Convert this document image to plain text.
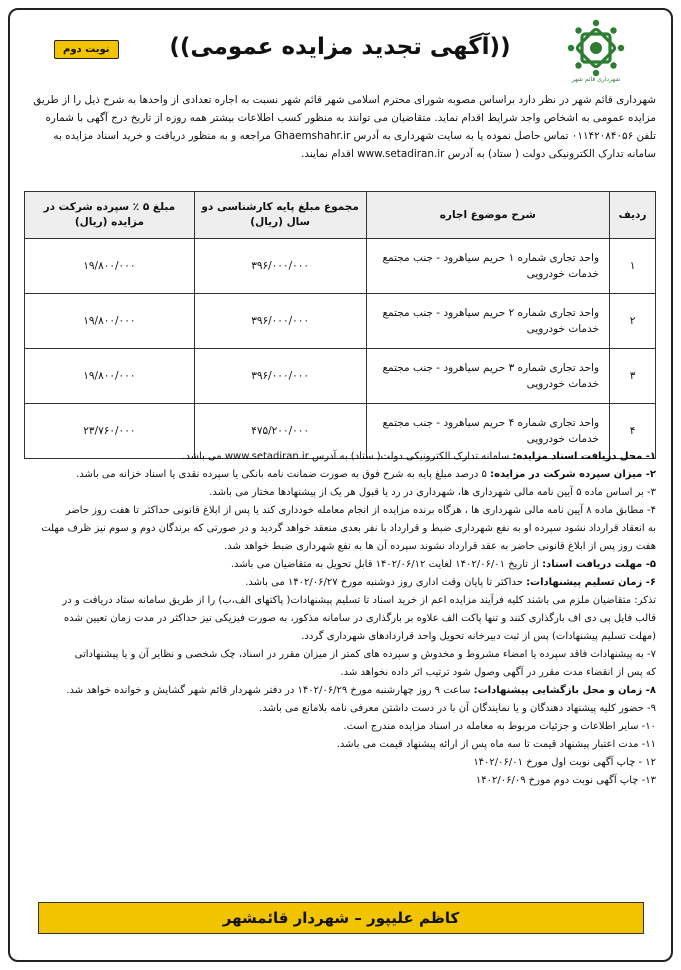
شهرداری قائم شهر
نوبت دوم	((آگهی تجدید مزایده عمومی))
شهرداری قائم شهر در نظر دارد براساس مصوبه شورای محترم اسلامی شهر قائم شهر نسبت به اجاره تعدادی از واحدها به شرح ذیل را از طریق
مزایده عمومی به اشخاص واجد شرایط اقدام نماید. متقاضیان می توانند به منظور کسب اطلاعات بیشتر همه روزه از تاریخ درج آگهی با شماره
تلفن ۰۱۱۴۲۰۸۴۰۵۶ تماس حاصل نموده یا به سایت شهرداری به آدرس Ghaemshahr.ir مراجعه و به منظور دریافت و خرید اسناد مزایده به
سامانه تدارک الکترونیکی دولت ( ستاد) به آدرس www.setadiran.ir اقدام نمایند.
ردیف	شرح موضوع اجاره	مجموع مبلغ پایه کارشناسی دو سال (ریال)	مبلغ ۵ ٪ سپرده شرکت در مزایده (ریال)
۱	واحد تجاری شماره ۱ حریم سیاهرود - جنب مجتمع خدمات خودرویی	۳۹۶/۰۰۰/۰۰۰	۱۹/۸۰۰/۰۰۰
۲	واحد تجاری شماره ۲ حریم سیاهرود - جنب مجتمع خدمات خودرویی	۳۹۶/۰۰۰/۰۰۰	۱۹/۸۰۰/۰۰۰
۳	واحد تجاری شماره ۳ حریم سیاهرود - جنب مجتمع خدمات خودرویی	۳۹۶/۰۰۰/۰۰۰	۱۹/۸۰۰/۰۰۰
۴	واحد تجاری شماره ۴ حریم سیاهرود - جنب مجتمع خدمات خودرویی	۴۷۵/۲۰۰/۰۰۰	۲۳/۷۶۰/۰۰۰
۱- محل دریافت اسناد مزایده: سامانه تدارک الکترونیکی دولت( ستاد) به آدرس www.setadiran.ir می باشد.
۲- میزان سپرده شرکت در مزایده: ۵ درصد مبلغ پایه به شرح فوق به صورت ضمانت نامه بانکی یا سپرده نقدی یا اسناد خزانه می باشد.
۳- بر اساس ماده ۵ آیین نامه مالی شهرداری ها، شهرداری در رد یا قبول هر یک از پیشنهادها مختار می باشد.
۴- مطابق ماده ۸ آیین نامه مالی شهرداری ها ، هرگاه برنده مزایده از انجام معامله خودداری کند یا پس از ابلاغ قانونی حداکثر تا هفت روز حاضر
به انعقاد قرارداد نشود سپرده او به نفع شهرداری ضبط و قرارداد با نفر بعدی منعقد خواهد گردید و در صورتی که برندگان دوم و سوم نیز ظرف مهلت
هفت روز پس از ابلاغ قانونی حاضر به عقد قرارداد نشوند سپرده آن ها به نفع شهرداری ضبط خواهد شد.
۵- مهلت دریافت اسناد: از تاریخ ۱۴۰۲/۰۶/۰۱ لغایت ۱۴۰۲/۰۶/۱۲ قابل تحویل به متقاضیان می باشد.
۶- زمان تسلیم پیشنهادات: حداکثر تا پایان وقت اداری روز دوشنبه مورخ ۱۴۰۲/۰۶/۲۷ می باشد.
تذکر: متقاضیان ملزم می باشند کلیه فرآیند مزایده اعم از خرید اسناد تا تسلیم پیشنهادات( پاکتهای الف،ب) را از طریق سامانه ستاد دریافت و در
قالب فایل پی دی اف بارگذاری کنند و تنها پاکت الف علاوه بر بارگذاری در سامانه مذکور، به صورت فیزیکی نیز حداکثر در مدت زمان تعیین شده
(مهلت تسلیم پیشنهادات) پس از ثبت دبیرخانه تحویل واحد قراردادهای شهرداری گردد.
۷- به پیشنهادات فاقد سپرده یا امضاء مشروط و مخدوش و سپرده های کمتر از میزان مقرر در اسناد، چک شخصی و نظایر آن و یا پیشنهاداتی
که پس از انقضاء مدت مقرر در آگهی وصول شود ترتیب اثر داده نخواهد شد.
۸- زمان و محل بازگشایی پیشنهادات: ساعت ۹ روز چهارشنبه مورخ ۱۴۰۲/۰۶/۲۹ در دفتر شهردار قائم شهر گشایش و خوانده خواهد شد.
۹- حضور کلیه پیشنهاد دهندگان و یا نمایندگان آن با در دست داشتن معرفی نامه بلامانع می باشد.
۱۰- سایر اطلاعات و جزئیات مربوط به معامله در اسناد مزایده مندرج است.
۱۱- مدت اعتبار پیشنهاد قیمت تا سه ماه پس از ارائه پیشنهاد قیمت می باشد.
۱۲ - چاپ آگهی نوبت اول مورخ ۱۴۰۲/۰۶/۰۱
۱۳- چاپ آگهی نوبت دوم مورخ ۱۴۰۲/۰۶/۰۹
کاظم علیپور – شهردار قائمشهر
